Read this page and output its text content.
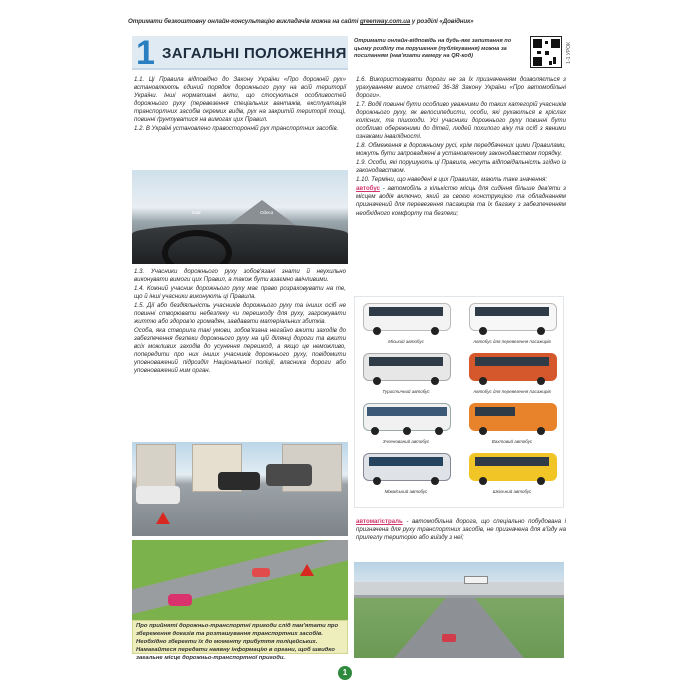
Отримати безкоштовну онлайн-консультацію викладачів можна на сайті greenway.com.ua у розділі «Довідник»
1 ЗАГАЛЬНІ ПОЛОЖЕННЯ
Отримати онлайн-відповідь на будь-яке запитання по цьому розділу та порушення (публікування) можна за посиланням (нав'язати камеру на QR-код)	1-1 УРОК

1.1. Ці Правила відповідно до Закону України «Про дорожній рух» встановлюють єдиний порядок дорожнього руху на всій території України. Інші нормативні акти, що стосуються особливостей дорожнього руху (перевезення спеціальних вантажів, експлуатація транспортних засобів окремих видів, рух на закритій території тощ), повинні ґрунтуватися на вимогах цих Правил.

1.2. В Україні установлено правосторонній рух транспортних засобів.

Київ	Одеса

1.3. Учасники дорожнього руху зобов'язані знати й неухильно виконувати вимоги цих Правил, а також бути взаємно ввічливими.

1.4. Кожний учасник дорожнього руху має право розраховувати на те, що й інші учасники виконують ці Правила.

1.5. Дії або бездіяльність учасників дорожнього руху та інших осіб не повинні створювати небезпеку чи перешкоду для руху, загрожувати життю або здоров'ю громадян, завдавати матеріальних збитків.

Особа, яка створила такі умови, зобов'язана негайно вжити заходів до забезпечення безпеки дорожнього руху на цій ділянці дороги та вжити всіх можливих заходів до усунення перешкод, а якщо це неможливо, попередити про них інших учасників дорожнього руху, повідомити уповноважений підрозділ Національної поліції, власника дороги або уповноважений ним орган.

Про прийняті дорожньо-транспортні пригоди слід пам'ятати про збереження доказів та розташування транспортних засобів. Необхідно зберегти їх до моменту прибуття поліцейських. Намагайтеся передати наявну інформацію в органи, щоб швидко загальне місце дорожньо-транспортної пригоди.

1.6. Використовувати дороги не за їх призначенням дозволяється з урахуванням вимог статей 36-38 Закону України «Про автомобільні дороги».

1.7. Водії повинні бути особливо уважними до таких категорій учасників дорожнього руху, як велосипедисти, особи, які рухаються в кріслах колісних, та пішоходи. Усі учасники дорожнього руху повинні бути особливо обережними до дітей, людей похилого віку та осіб з явними ознаками інвалідності.

1.8. Обмеження в дорожньому русі, крім передбачених цими Правилами, можуть бути запроваджені в установленому законодавством порядку.

1.9. Особи, які порушують ці Правила, несуть відповідальність згідно із законодавством.

1.10. Терміни, що наведені в цих Правилах, мають таке значення:

автобус - автомобіль з кількістю місць для сидіння більше дев'яти з місцем водія включно, який за своєю конструкцією та обладнанням призначений для перевезення пасажирів та їх багажу з забезпеченням необхідного комфорту та безпеки;

Міський автобус	Автобус для перевезення пасажирів
Туристичний автобус	Автобус для перевезення пасажирів
Зчленований автобус	Вахтовий автобус
Міжміський автобус	Шкільний автобус

автомагістраль - автомобільна дорога, що спеціально побудована і призначена для руху транспортних засобів, не призначена для в'їзду на прилеглу територію або виїзду з неї;

1
